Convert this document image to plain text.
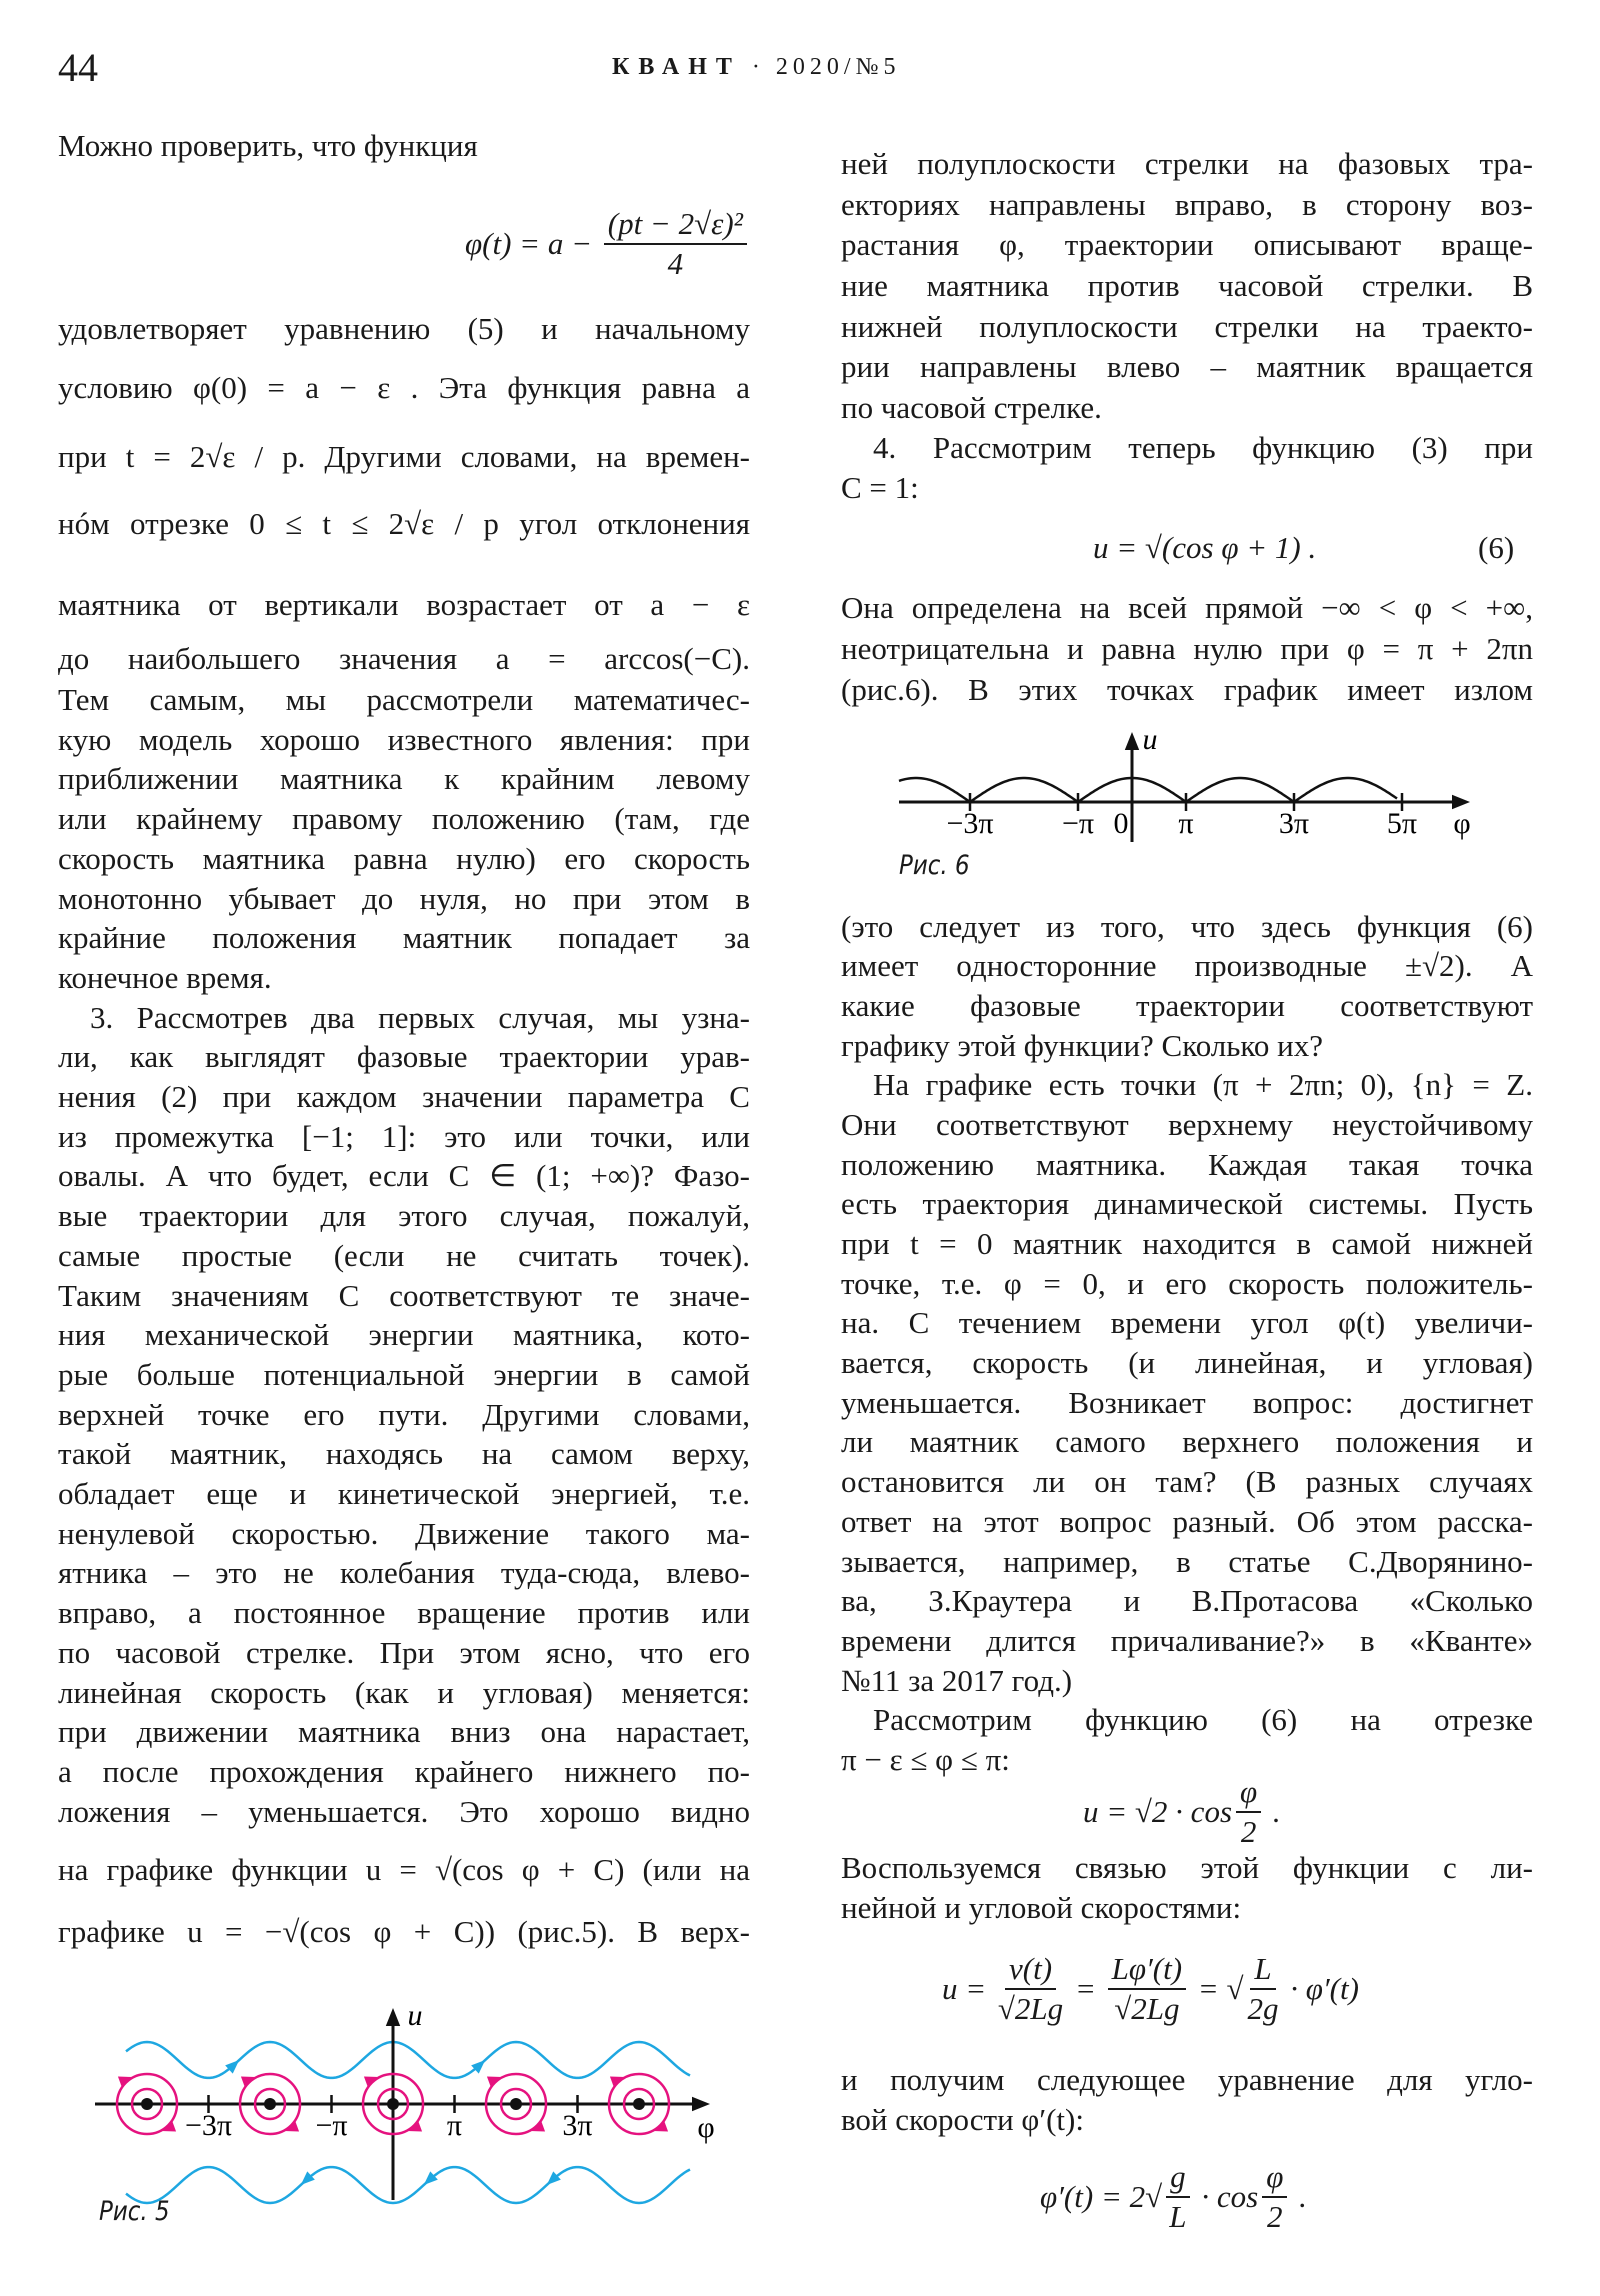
44	КВАНТ · 2020/№5
Можно проверить, что функция
удовлетворяет уравнению (5) и начальному
условию φ(0) = a − ε . Эта функция равна a
при t = 2√ε / p. Другими словами, на времен-
нóм отрезке 0 ≤ t ≤ 2√ε / p угол отклонения
маятника от вертикали возрастает от a − ε
до наибольшего значения a = arccos(−C).
Тем самым, мы рассмотрели математичес-
кую модель хорошо известного явления: при
приближении маятника к крайним левому
или крайнему правому положению (там, где
скорость маятника равна нулю) его скорость
монотонно убывает до нуля, но при этом в
крайние положения маятник попадает за
конечное время.
3. Рассмотрев два первых случая, мы узна-
ли, как выглядят фазовые траектории урав-
нения (2) при каждом значении параметра C
из промежутка [−1; 1]: это или точки, или
овалы. А что будет, если C ∈ (1; +∞)? Фазо-
вые траектории для этого случая, пожалуй,
самые простые (если не считать точек).
Таким значениям C соответствуют те значе-
ния механической энергии маятника, кото-
рые больше потенциальной энергии в самой
верхней точке его пути. Другими словами,
такой маятник, находясь на самом верху,
обладает еще и кинетической энергией, т.е.
ненулевой скоростью. Движение такого ма-
ятника – это не колебания туда-сюда, влево-
вправо, а постоянное вращение против или
по часовой стрелке. При этом ясно, что его
линейная скорость (как и угловая) меняется:
при движении маятника вниз она нарастает,
а после прохождения крайнего нижнего по-
ложения – уменьшается. Это хорошо видно
на графике функции u = √(cos φ + C) (или на
графике u = −√(cos φ + C)) (рис.5). В верх-
ней полуплоскости стрелки на фазовых тра-
екториях направлены вправо, в сторону воз-
растания φ, траектории описывают враще-
ние маятника против часовой стрелки. В
нижней полуплоскости стрелки на траекто-
рии направлены влево – маятник вращается
по часовой стрелке.
4. Рассмотрим теперь функцию (3) при
C = 1:
Она определена на всей прямой −∞ < φ < +∞,
неотрицательна и равна нулю при φ = π + 2πn
(рис.6). В этих точках график имеет излом
(это следует из того, что здесь функция (6)
имеет односторонние производные ±√2). А
какие фазовые траектории соответствуют
графику этой функции? Сколько их?
На графике есть точки (π + 2πn; 0), {n} = Z.
Они соответствуют верхнему неустойчивому
положению маятника. Каждая такая точка
есть траектория динамической системы. Пусть
при t = 0 маятник находится в самой нижней
точке, т.е. φ = 0, и его скорость положитель-
на. С течением времени угол φ(t) увеличи-
вается, скорость (и линейная, и угловая)
уменьшается. Возникает вопрос: достигнет
ли маятник самого верхнего положения и
остановится ли он там? (В разных случаях
ответ на этот вопрос разный. Об этом расска-
зывается, например, в статье С.Дворянино-
ва, З.Краутера и В.Протасова «Сколько
времени длится причаливание?» в «Кванте»
№11 за 2017 год.)
Рассмотрим функцию (6) на отрезке
π − ε ≤ φ ≤ π:
Воспользуемся связью этой функции с ли-
нейной и угловой скоростями:
и получим следующее уравнение для угло-
вой скорости φ′(t):
$\varphi(t) = a - \frac{\text{(pt − 2√ε)²}}{4}$
u = √(cos φ + 1) .	(6)
$u = √2 \cdot \cos \frac{\varphi}{2}$ .
$u = \frac{v(t)}{√2Lg} = \frac{L\varphi'(t)}{√2Lg}$ = √ $\frac{L}{2g} \cdot \varphi'(t)$
$\varphi'(t) = 2√ \frac{g}{L} \cdot \cos \frac{\varphi}{2}$ .
Рис. 5
Рис. 6
u
φ
−3π	−π	π	3π
u
φ
0
−3π −π	π	3π	5π
